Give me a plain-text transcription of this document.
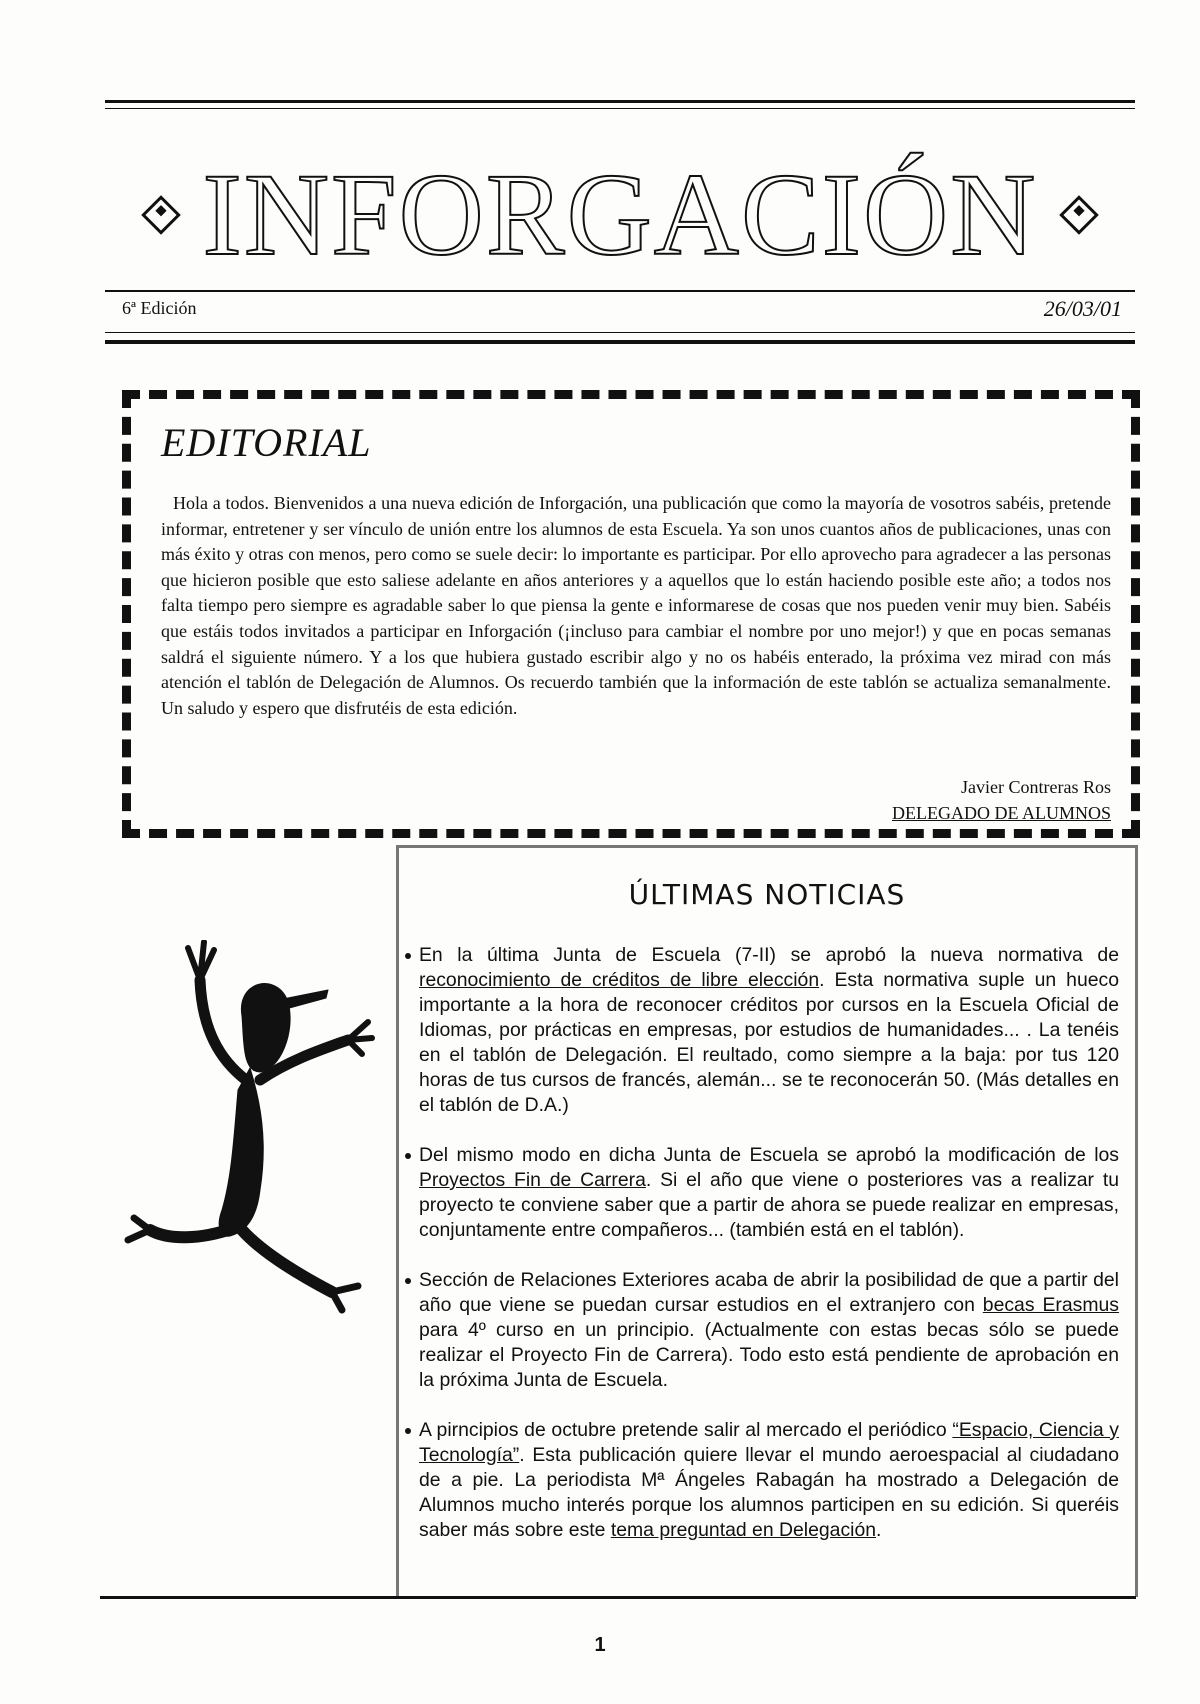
INFORGACIÓN
6ª Edición	26/03/01
EDITORIAL

Hola a todos. Bienvenidos a una nueva edición de Inforgación, una publicación que como la mayoría de vosotros sabéis, pretende informar, entretener y ser vínculo de unión entre los alumnos de esta Escuela. Ya son unos cuantos años de publicaciones, unas con más éxito y otras con menos, pero como se suele decir: lo importante es participar. Por ello aprovecho para agradecer a las personas que hicieron posible que esto saliese adelante en años anteriores y a aquellos que lo están haciendo posible este año; a todos nos falta tiempo pero siempre es agradable saber lo que piensa la gente e informarese de cosas que nos pueden venir muy bien. Sabéis que estáis todos invitados a participar en Inforgación (¡incluso para cambiar el nombre por uno mejor!) y que en pocas semanas saldrá el siguiente número. Y a los que hubiera gustado escribir algo y no os habéis enterado, la próxima vez mirad con más atención el tablón de Delegación de Alumnos. Os recuerdo también que la información de este tablón se actualiza semanalmente. Un saludo y espero que disfrutéis de esta edición.

Javier Contreras Ros
DELEGADO DE ALUMNOS
ÚLTIMAS NOTICIAS
En la última Junta de Escuela (7-II) se aprobó la nueva normativa de reconocimiento de créditos de libre elección. Esta normativa suple un hueco importante a la hora de reconocer créditos por cursos en la Escuela Oficial de Idiomas, por prácticas en empresas, por estudios de humanidades... . La tenéis en el tablón de Delegación. El reultado, como siempre a la baja: por tus 120 horas de tus cursos de francés, alemán... se te reconocerán 50. (Más detalles en el tablón de D.A.)
Del mismo modo en dicha Junta de Escuela se aprobó la modificación de los Proyectos Fin de Carrera. Si el año que viene o posteriores vas a realizar tu proyecto te conviene saber que a partir de ahora se puede realizar en empresas, conjuntamente entre compañeros... (también está en el tablón).
Sección de Relaciones Exteriores acaba de abrir la posibilidad de que a partir del año que viene se puedan cursar estudios en el extranjero con becas Erasmus para 4º curso en un principio. (Actualmente con estas becas sólo se puede realizar el Proyecto Fin de Carrera). Todo esto está pendiente de aprobación en la próxima Junta de Escuela.
A pirncipios de octubre pretende salir al mercado el periódico “Espacio, Ciencia y Tecnología”. Esta publicación quiere llevar el mundo aeroespacial al ciudadano de a pie. La periodista Mª Ángeles Rabagán ha mostrado a Delegación de Alumnos mucho interés porque los alumnos participen en su edición. Si queréis saber más sobre este tema preguntad en Delegación.
1
